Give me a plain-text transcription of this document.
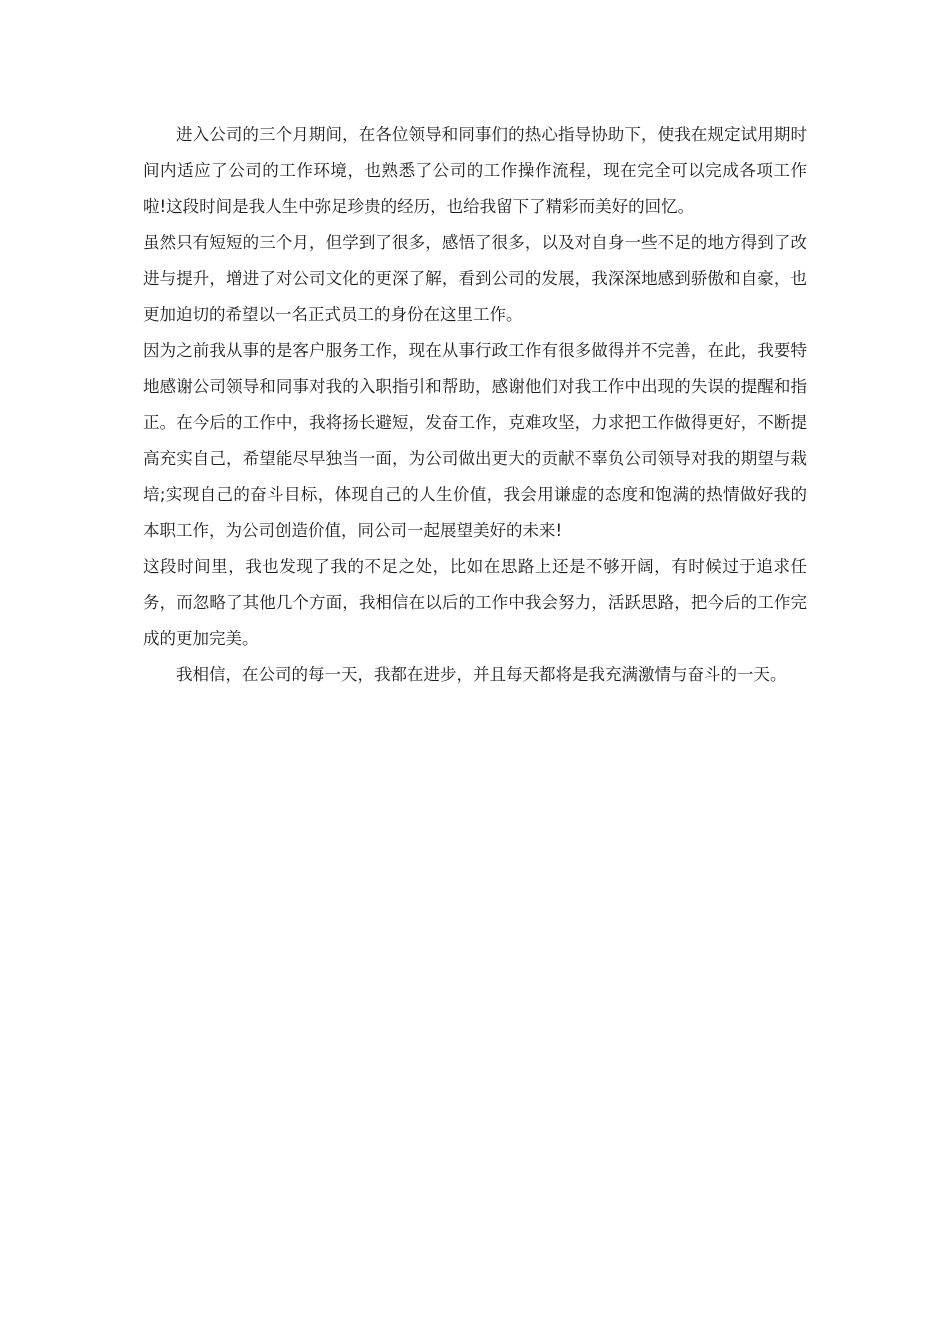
进入公司的三个月期间，在各位领导和同事们的热心指导协助下，使我在规定试用期时间内适应了公司的工作环境，也熟悉了公司的工作操作流程，现在完全可以完成各项工作啦!这段时间是我人生中弥足珍贵的经历，也给我留下了精彩而美好的回忆。

虽然只有短短的三个月，但学到了很多，感悟了很多，以及对自身一些不足的地方得到了改进与提升，增进了对公司文化的更深了解，看到公司的发展，我深深地感到骄傲和自豪，也更加迫切的希望以一名正式员工的身份在这里工作。

因为之前我从事的是客户服务工作，现在从事行政工作有很多做得并不完善，在此，我要特地感谢公司领导和同事对我的入职指引和帮助，感谢他们对我工作中出现的失误的提醒和指正。在今后的工作中，我将扬长避短，发奋工作，克难攻坚，力求把工作做得更好，不断提高充实自己，希望能尽早独当一面，为公司做出更大的贡献不辜负公司领导对我的期望与栽培;实现自己的奋斗目标，体现自己的人生价值，我会用谦虚的态度和饱满的热情做好我的本职工作，为公司创造价值，同公司一起展望美好的未来!

这段时间里，我也发现了我的不足之处，比如在思路上还是不够开阔，有时候过于追求任务，而忽略了其他几个方面，我相信在以后的工作中我会努力，活跃思路，把今后的工作完成的更加完美。

我相信，在公司的每一天，我都在进步，并且每天都将是我充满激情与奋斗的一天。
